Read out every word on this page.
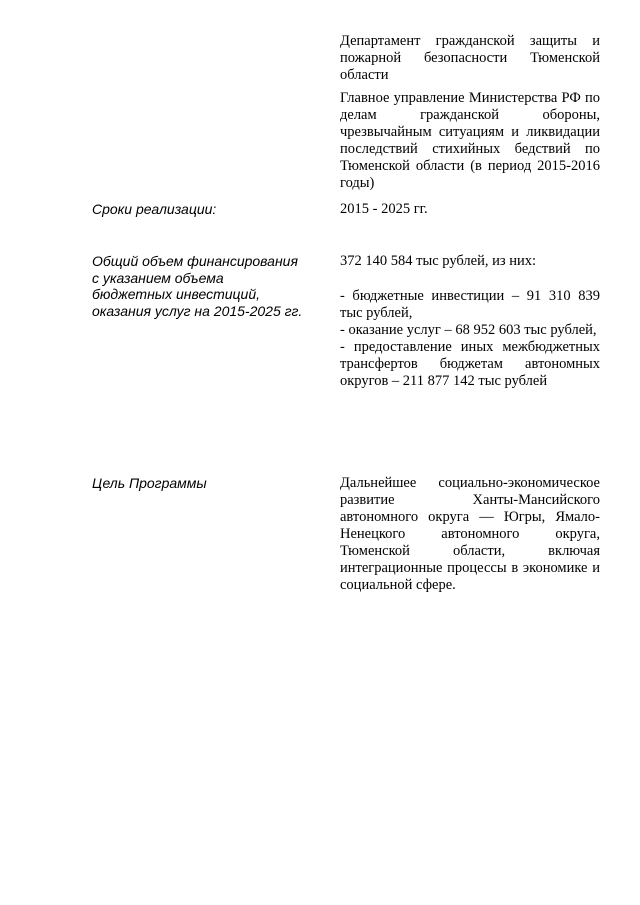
Департамент гражданской защиты и пожарной безопасности Тюменской области

Главное управление Министерства РФ по делам гражданской обороны, чрезвычайным ситуациям и ликвидации последствий стихийных бедствий по Тюменской области (в период 2015-2016 годы)

Сроки реализации:	2015 - 2025 гг.

Общий объем финансирования с указанием объема бюджетных инвестиций, оказания услуг на 2015-2025 гг.

372 140 584 тыс рублей, из них:

- бюджетные инвестиции – 91 310 839 тыс рублей,

- оказание услуг – 68 952 603 тыс рублей,

- предоставление иных межбюджетных трансфертов бюджетам автономных округов – 211 877 142 тыс рублей

Цель Программы	Дальнейшее социально-экономическое развитие Ханты-Мансийского автономного округа — Югры, Ямало-Ненецкого автономного округа, Тюменской области, включая интеграционные процессы в экономике и социальной сфере.
